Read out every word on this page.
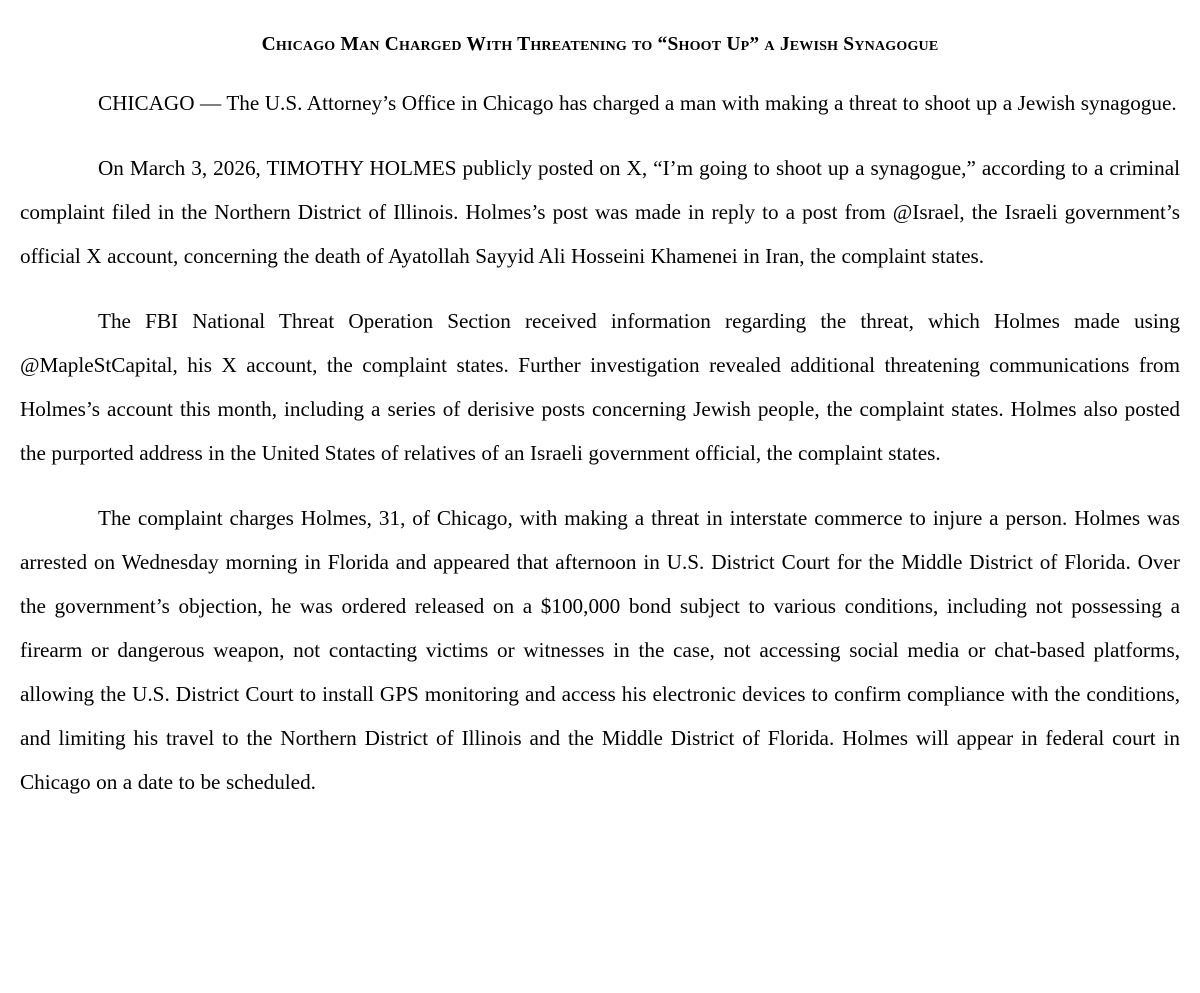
Chicago Man Charged With Threatening to “Shoot Up” a Jewish Synagogue

CHICAGO — The U.S. Attorney’s Office in Chicago has charged a man with making a threat to shoot up a Jewish synagogue.

On March 3, 2026, TIMOTHY HOLMES publicly posted on X, “I’m going to shoot up a synagogue,” according to a criminal complaint filed in the Northern District of Illinois. Holmes’s post was made in reply to a post from @Israel, the Israeli government’s official X account, concerning the death of Ayatollah Sayyid Ali Hosseini Khamenei in Iran, the complaint states.

The FBI National Threat Operation Section received information regarding the threat, which Holmes made using @MapleStCapital, his X account, the complaint states. Further investigation revealed additional threatening communications from Holmes’s account this month, including a series of derisive posts concerning Jewish people, the complaint states. Holmes also posted the purported address in the United States of relatives of an Israeli government official, the complaint states.

The complaint charges Holmes, 31, of Chicago, with making a threat in interstate commerce to injure a person. Holmes was arrested on Wednesday morning in Florida and appeared that afternoon in U.S. District Court for the Middle District of Florida. Over the government’s objection, he was ordered released on a $100,000 bond subject to various conditions, including not possessing a firearm or dangerous weapon, not contacting victims or witnesses in the case, not accessing social media or chat-based platforms, allowing the U.S. District Court to install GPS monitoring and access his electronic devices to confirm compliance with the conditions, and limiting his travel to the Northern District of Illinois and the Middle District of Florida. Holmes will appear in federal court in Chicago on a date to be scheduled.
